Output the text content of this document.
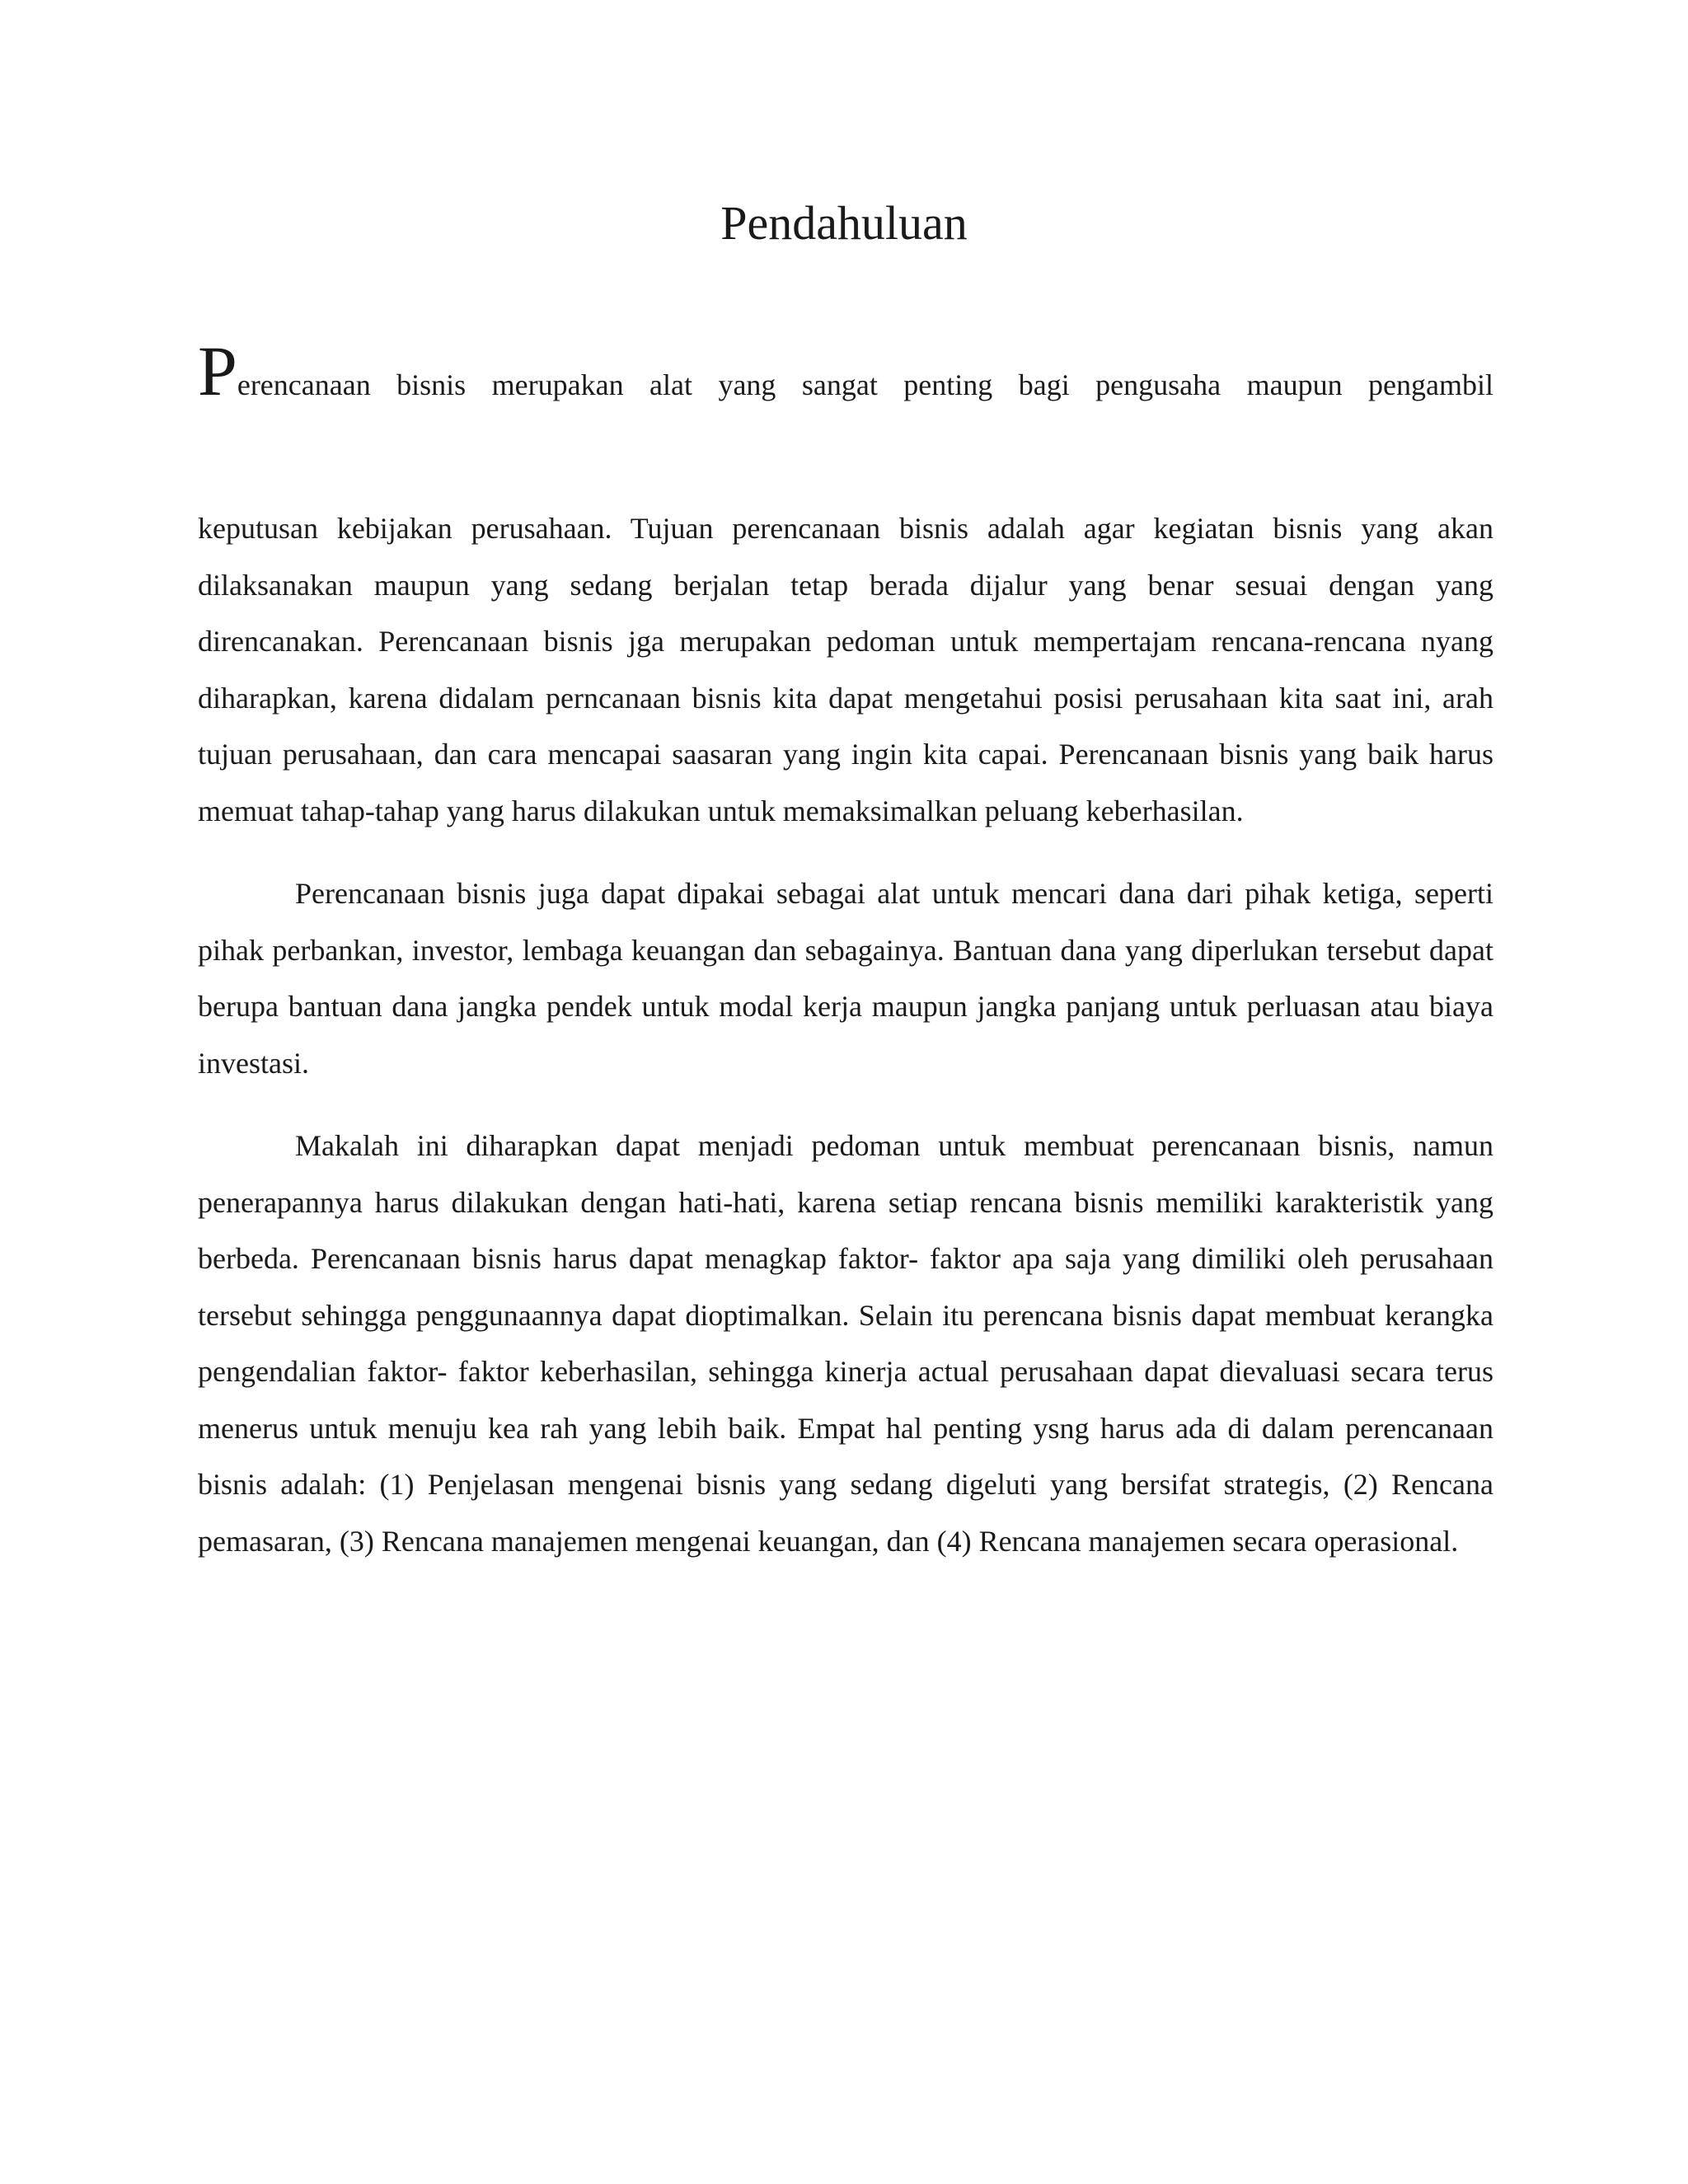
Pendahuluan

Perencanaan bisnis merupakan alat yang sangat penting bagi pengusaha maupun pengambil

keputusan kebijakan perusahaan. Tujuan perencanaan bisnis adalah agar kegiatan bisnis yang akan dilaksanakan maupun yang sedang berjalan tetap berada dijalur yang benar sesuai dengan yang direncanakan. Perencanaan bisnis jga merupakan pedoman untuk mempertajam rencana-rencana nyang diharapkan, karena didalam perncanaan bisnis kita dapat mengetahui posisi perusahaan kita saat ini, arah tujuan perusahaan, dan cara mencapai saasaran yang ingin kita capai. Perencanaan bisnis yang baik harus memuat tahap-tahap yang harus dilakukan untuk memaksimalkan peluang keberhasilan.

Perencanaan bisnis juga dapat dipakai sebagai alat untuk mencari dana dari pihak ketiga, seperti pihak perbankan, investor, lembaga keuangan dan sebagainya. Bantuan dana yang diperlukan tersebut dapat berupa bantuan dana jangka pendek untuk modal kerja maupun jangka panjang untuk perluasan atau biaya investasi.

Makalah ini diharapkan dapat menjadi pedoman untuk membuat perencanaan bisnis, namun penerapannya harus dilakukan dengan hati-hati, karena setiap rencana bisnis memiliki karakteristik yang berbeda. Perencanaan bisnis harus dapat menagkap faktor- faktor apa saja yang dimiliki oleh perusahaan tersebut sehingga penggunaannya dapat dioptimalkan. Selain itu perencana bisnis dapat membuat kerangka pengendalian faktor- faktor keberhasilan, sehingga kinerja actual perusahaan dapat dievaluasi secara terus menerus untuk menuju kea rah yang lebih baik. Empat hal penting ysng harus ada di dalam perencanaan bisnis adalah: (1) Penjelasan mengenai bisnis yang sedang digeluti yang bersifat strategis, (2) Rencana pemasaran, (3) Rencana manajemen mengenai keuangan, dan (4) Rencana manajemen secara operasional.
